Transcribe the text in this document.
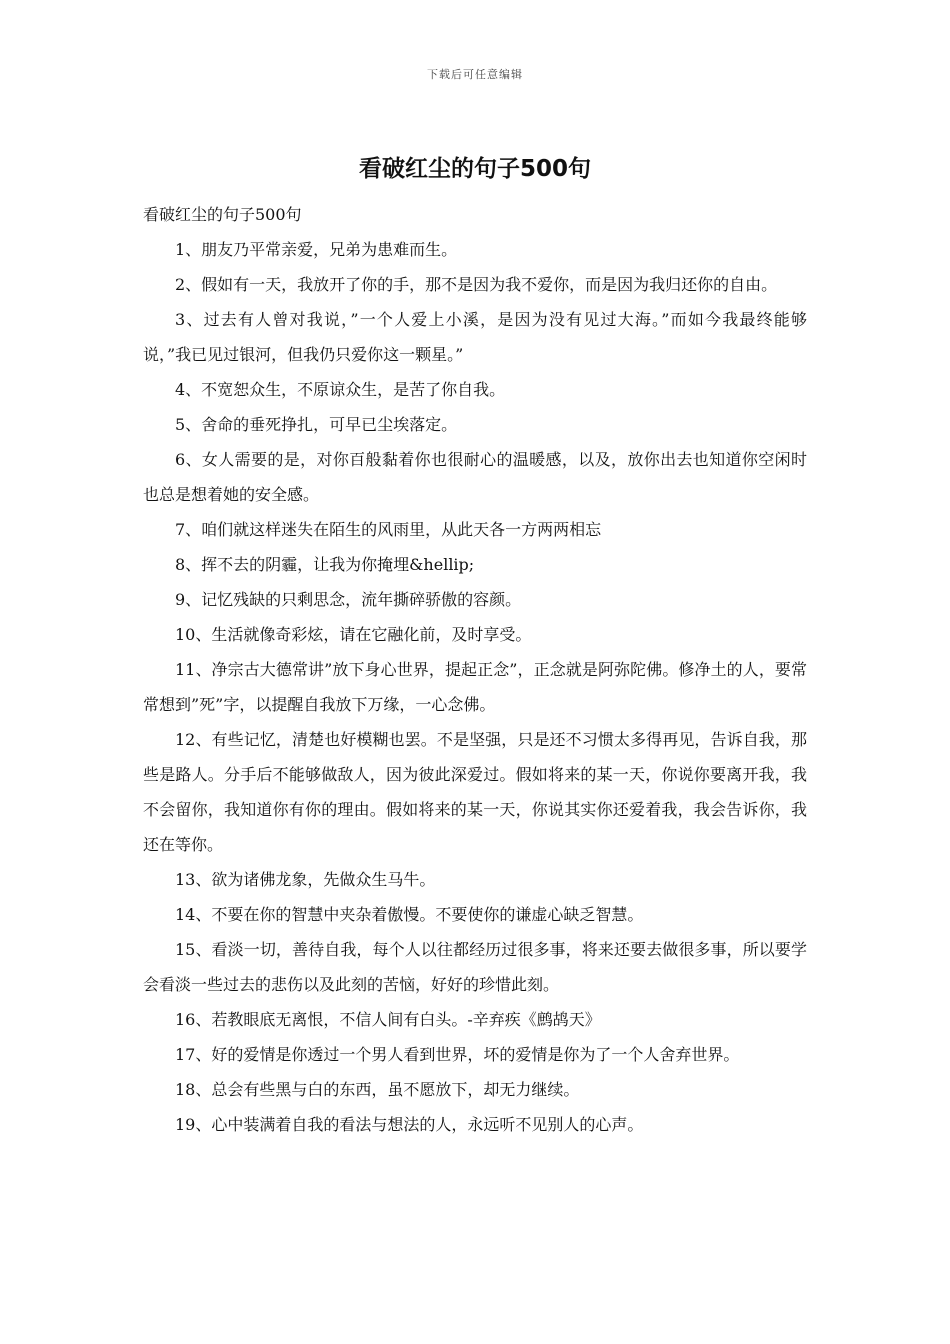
下载后可任意编辑
看破红尘的句子500句

看破红尘的句子500句

1、朋友乃平常亲爱，兄弟为患难而生。

2、假如有一天，我放开了你的手，那不是因为我不爱你，而是因为我归还你的自由。

3、过去有人曾对我说，”一个人爱上小溪，是因为没有见过大海。”而如今我最终能够说，”我已见过银河，但我仍只爱你这一颗星。”

4、不宽恕众生，不原谅众生，是苦了你自我。

5、舍命的垂死挣扎，可早已尘埃落定。

6、女人需要的是，对你百般黏着你也很耐心的温暖感，以及，放你出去也知道你空闲时也总是想着她的安全感。

7、咱们就这样迷失在陌生的风雨里，从此天各一方两两相忘

8、挥不去的阴霾，让我为你掩埋&hellip;

9、记忆残缺的只剩思念，流年撕碎骄傲的容颜。

10、生活就像奇彩炫，请在它融化前，及时享受。

11、净宗古大德常讲”放下身心世界，提起正念”，正念就是阿弥陀佛。修净土的人，要常常想到”死”字，以提醒自我放下万缘，一心念佛。

12、有些记忆，清楚也好模糊也罢。不是坚强，只是还不习惯太多得再见，告诉自我，那些是路人。分手后不能够做敌人，因为彼此深爱过。假如将来的某一天，你说你要离开我，我不会留你，我知道你有你的理由。假如将来的某一天，你说其实你还爱着我，我会告诉你，我还在等你。

13、欲为诸佛龙象，先做众生马牛。

14、不要在你的智慧中夹杂着傲慢。不要使你的谦虚心缺乏智慧。

15、看淡一切，善待自我，每个人以往都经历过很多事，将来还要去做很多事，所以要学会看淡一些过去的悲伤以及此刻的苦恼，好好的珍惜此刻。

16、若教眼底无离恨，不信人间有白头。-辛弃疾《鹧鸪天》

17、好的爱情是你透过一个男人看到世界，坏的爱情是你为了一个人舍弃世界。

18、总会有些黑与白的东西，虽不愿放下，却无力继续。

19、心中装满着自我的看法与想法的人，永远听不见别人的心声。
